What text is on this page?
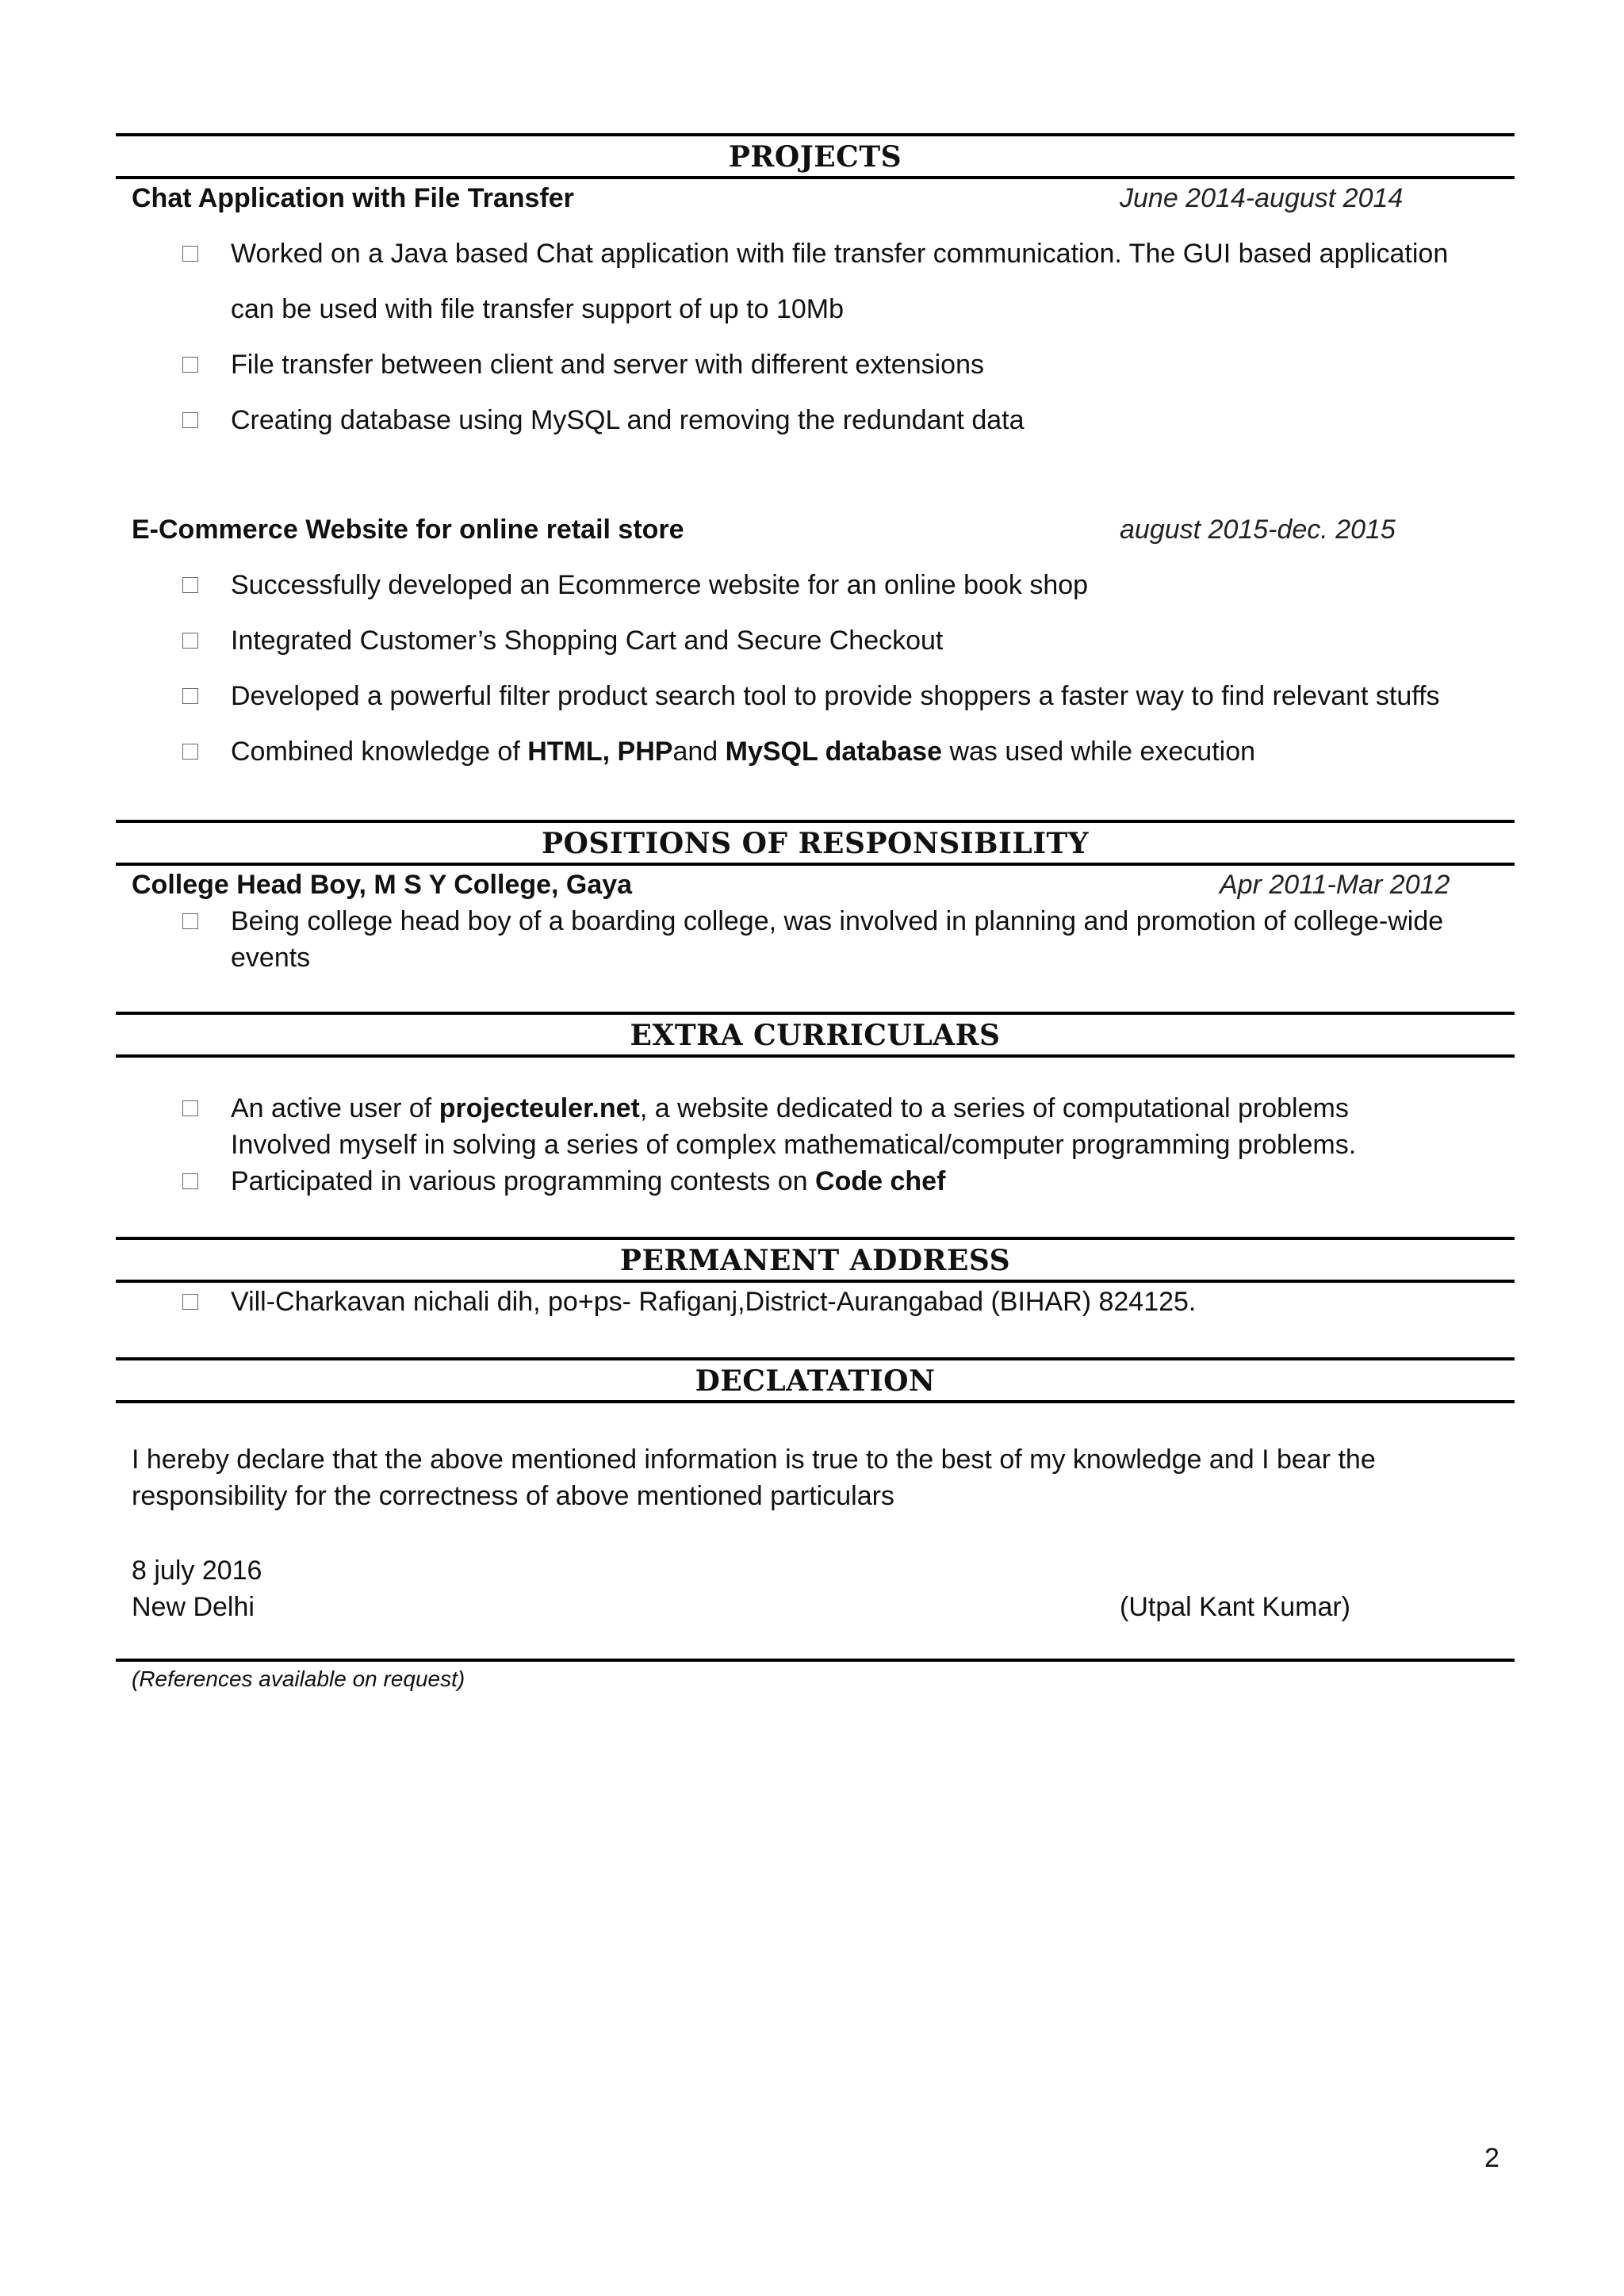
PROJECTS
Chat Application with File Transfer	June 2014-august 2014
Worked on a Java based Chat application with file transfer communication. The GUI based application
can be used with file transfer support of up to 10Mb
File transfer between client and server with different extensions
Creating database using MySQL and removing the redundant data
E-Commerce Website for online retail store	august 2015-dec. 2015
Successfully developed an Ecommerce website for an online book shop
Integrated Customer’s Shopping Cart and Secure Checkout
Developed a powerful filter product search tool to provide shoppers a faster way to find relevant stuffs
Combined knowledge of HTML, PHPand MySQL database was used while execution
POSITIONS OF RESPONSIBILITY
College Head Boy, M S Y College, Gaya	Apr 2011-Mar 2012
Being college head boy of a boarding college, was involved in planning and promotion of college-wide
events
EXTRA CURRICULARS
An active user of projecteuler.net, a website dedicated to a series of computational problems
Involved myself in solving a series of complex mathematical/computer programming problems.
Participated in various programming contests on Code chef
PERMANENT ADDRESS
Vill-Charkavan nichali dih, po+ps- Rafiganj,District-Aurangabad (BIHAR) 824125.
DECLATATION
I hereby declare that the above mentioned information is true to the best of my knowledge and I bear the
responsibility for the correctness of above mentioned particulars
8 july 2016
New Delhi	(Utpal Kant Kumar)
(References available on request)
2
